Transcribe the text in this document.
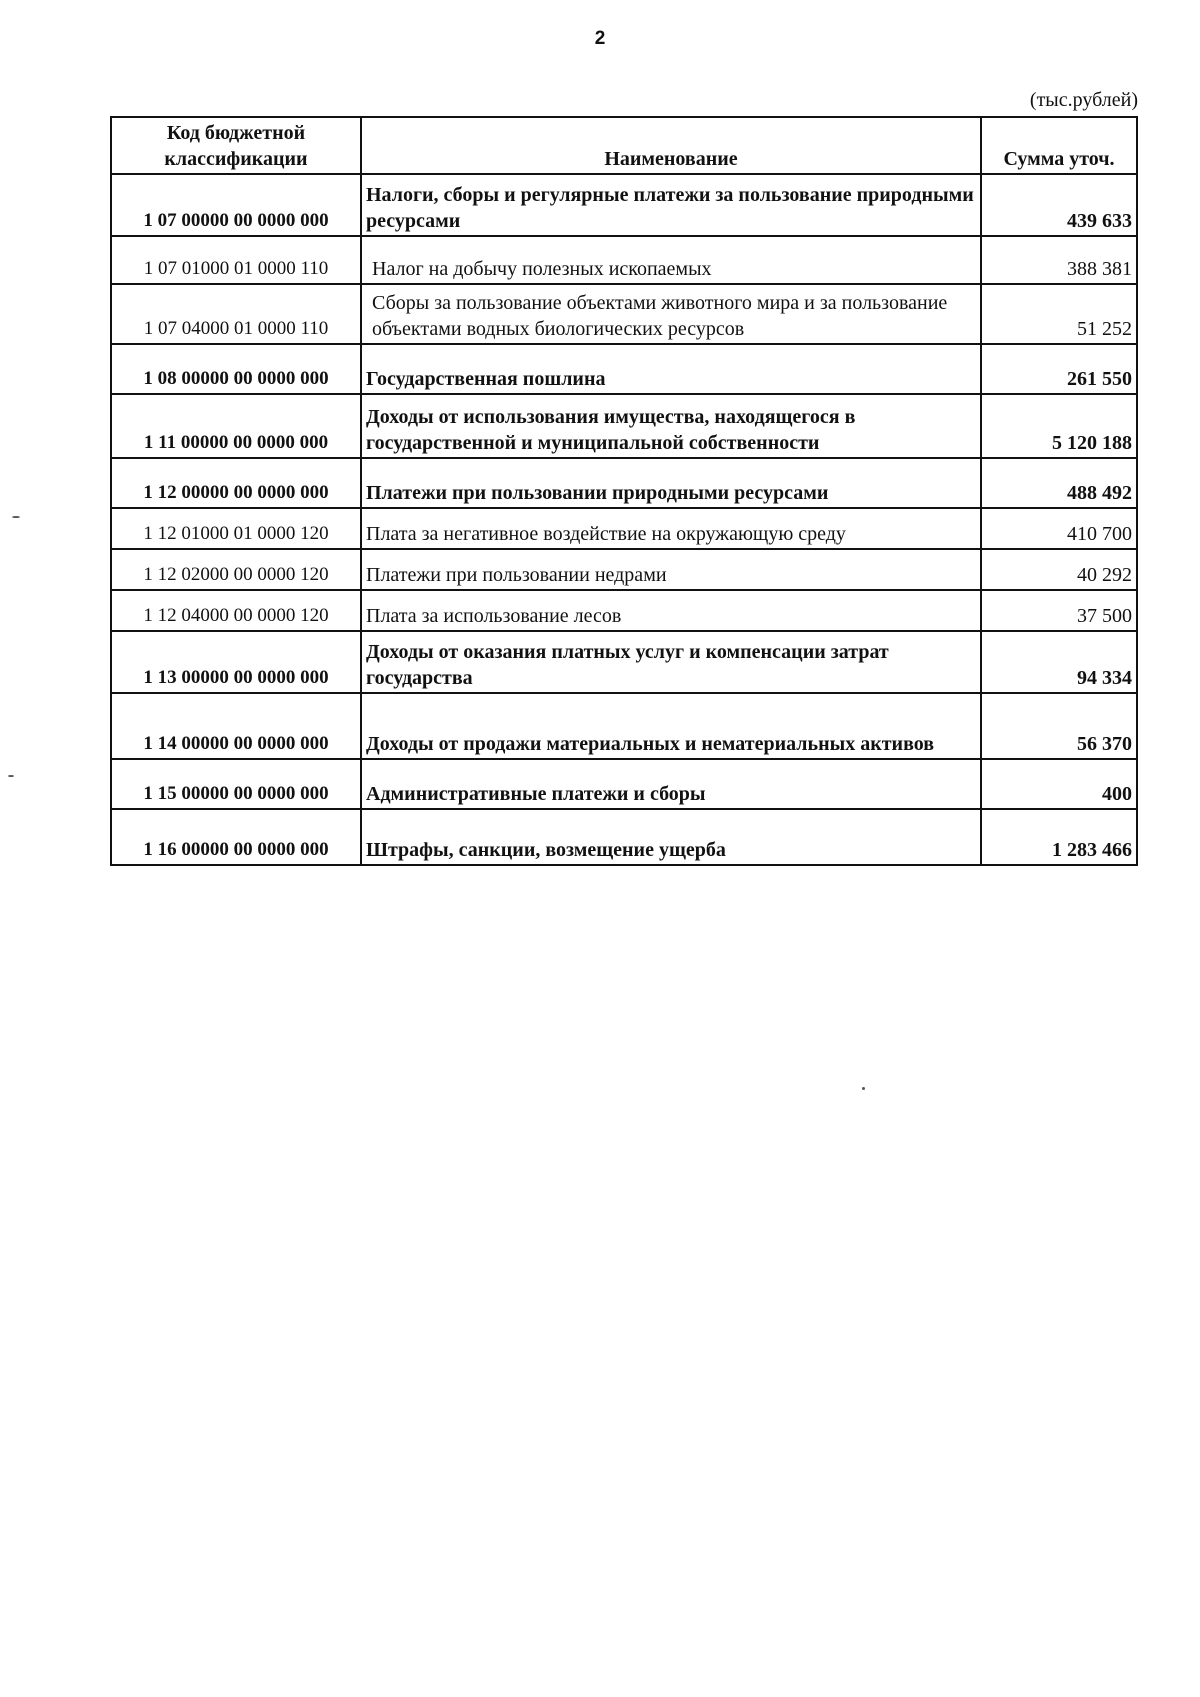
2
(тыс.рублей)
Код бюджетной классификации	Наименование	Сумма уточ.
1 07 00000 00 0000 000	Налоги, сборы и регулярные платежи за пользование природными ресурсами	439 633
1 07 01000 01 0000 110	Налог на добычу полезных ископаемых	388 381
1 07 04000 01 0000 110	Сборы за пользование объектами животного мира и за пользование объектами водных биологических ресурсов	51 252
1 08 00000 00 0000 000	Государственная пошлина	261 550
1 11 00000 00 0000 000	Доходы от использования имущества, находящегося в государственной и муниципальной собственности	5 120 188
1 12 00000 00 0000 000	Платежи при пользовании природными ресурсами	488 492
1 12 01000 01 0000 120	Плата за негативное воздействие на окружающую среду	410 700
1 12 02000 00 0000 120	Платежи при пользовании недрами	40 292
1 12 04000 00 0000 120	Плата за использование лесов	37 500
1 13 00000 00 0000 000	Доходы от оказания платных услуг и компенсации затрат государства	94 334
1 14 00000 00 0000 000	Доходы от продажи материальных и нематериальных активов	56 370
1 15 00000 00 0000 000	Административные платежи и сборы	400
1 16 00000 00 0000 000	Штрафы, санкции, возмещение ущерба	1 283 466
